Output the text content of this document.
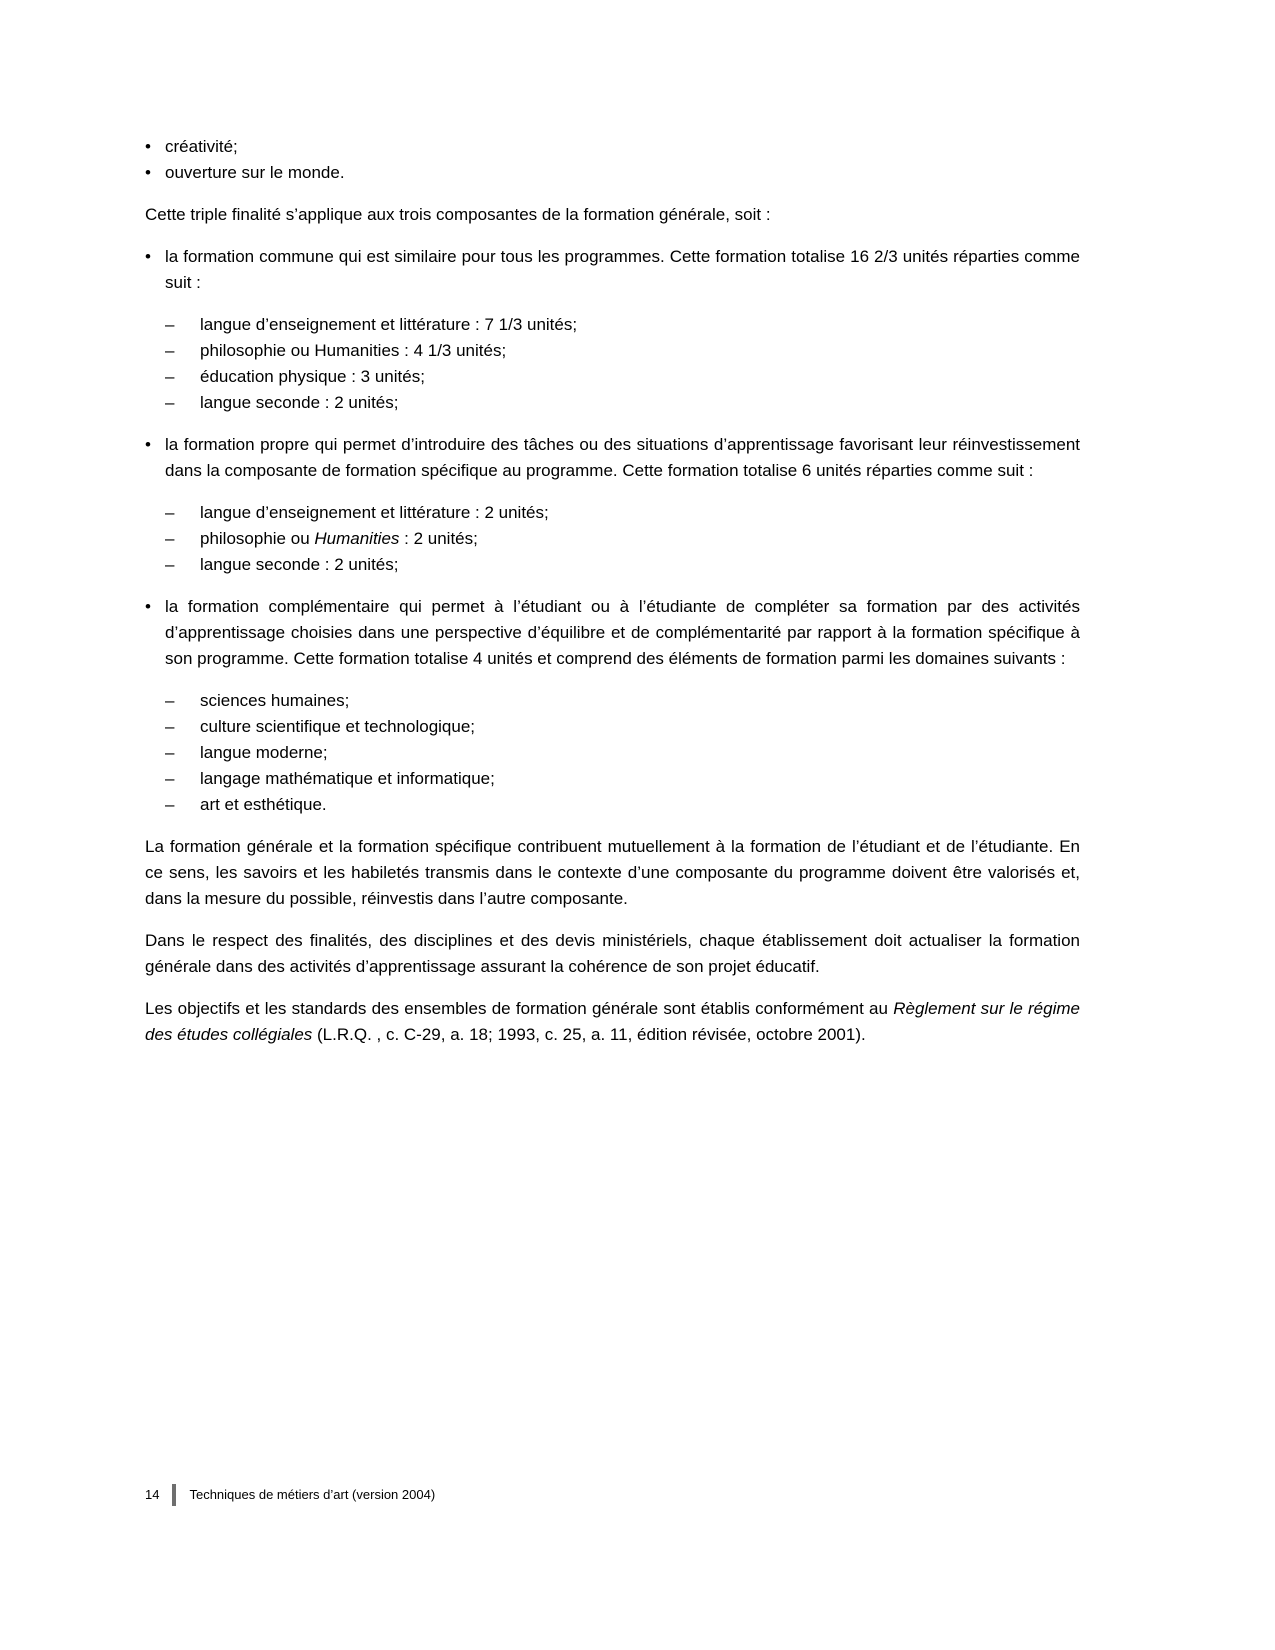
• créativité;
• ouverture sur le monde.

Cette triple finalité s’applique aux trois composantes de la formation générale, soit :

• la formation commune qui est similaire pour tous les programmes. Cette formation totalise 16 2/3 unités réparties comme suit :
–	langue d’enseignement et littérature : 7 1/3 unités;
–	philosophie ou Humanities : 4 1/3 unités;
–	éducation physique : 3 unités;
–	langue seconde : 2 unités;
• la formation propre qui permet d’introduire des tâches ou des situations d’apprentissage favorisant leur réinvestissement dans la composante de formation spécifique au programme. Cette formation totalise 6 unités réparties comme suit :
–	langue d’enseignement et littérature : 2 unités;
–	philosophie ou Humanities : 2 unités;
–	langue seconde : 2 unités;
• la formation complémentaire qui permet à l’étudiant ou à l’étudiante de compléter sa formation par des activités d’apprentissage choisies dans une perspective d’équilibre et de complémentarité par rapport à la formation spécifique à son programme. Cette formation totalise 4 unités et comprend des éléments de formation parmi les domaines suivants :
–	sciences humaines;
–	culture scientifique et technologique;
–	langue moderne;
–	langage mathématique et informatique;
–	art et esthétique.

La formation générale et la formation spécifique contribuent mutuellement à la formation de l’étudiant et de l’étudiante. En ce sens, les savoirs et les habiletés transmis dans le contexte d’une composante du programme doivent être valorisés et, dans la mesure du possible, réinvestis dans l’autre composante.

Dans le respect des finalités, des disciplines et des devis ministériels, chaque établissement doit actualiser la formation générale dans des activités d’apprentissage assurant la cohérence de son projet éducatif.

Les objectifs et les standards des ensembles de formation générale sont établis conformément au Règlement sur le régime des études collégiales (L.R.Q. , c. C-29, a. 18; 1993, c. 25, a. 11, édition révisée, octobre 2001).

14 Techniques de métiers d’art (version 2004)
